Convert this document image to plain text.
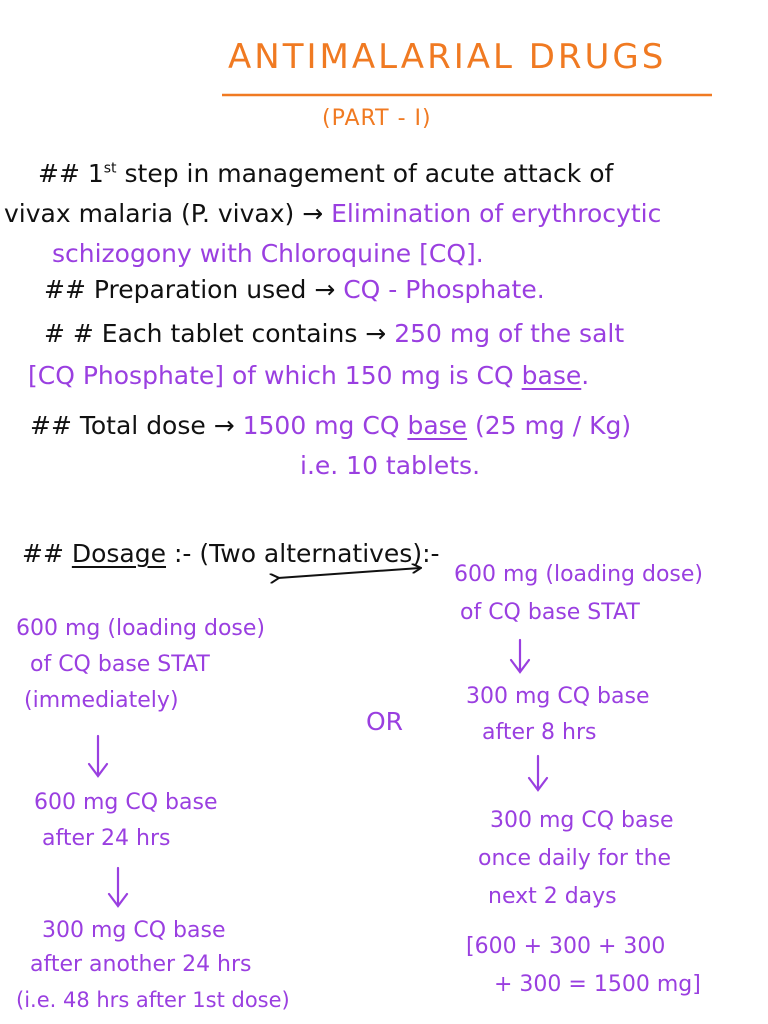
ANTIMALARIAL DRUGS
(PART - I)
## 1st step in management of acute attack of
vivax malaria (P. vivax) → Elimination of erythrocytic
schizogony with Chloroquine [CQ].
## Preparation used → CQ - Phosphate.
# # Each tablet contains → 250 mg of the salt
[CQ Phosphate] of which 150 mg is CQ base.
## Total dose → 1500 mg CQ base (25 mg / Kg)
i.e. 10 tablets.
## Dosage :- (Two alternatives):-
600 mg (loading dose)
of CQ base STAT
(immediately)
600 mg CQ base
after 24 hrs
300 mg CQ base
after another 24 hrs
(i.e. 48 hrs after 1st dose)
OR
600 mg (loading dose)
of CQ base STAT
300 mg CQ base
after 8 hrs
300 mg CQ base
once daily for the
next 2 days
[600 + 300 + 300
+ 300 = 1500 mg]
